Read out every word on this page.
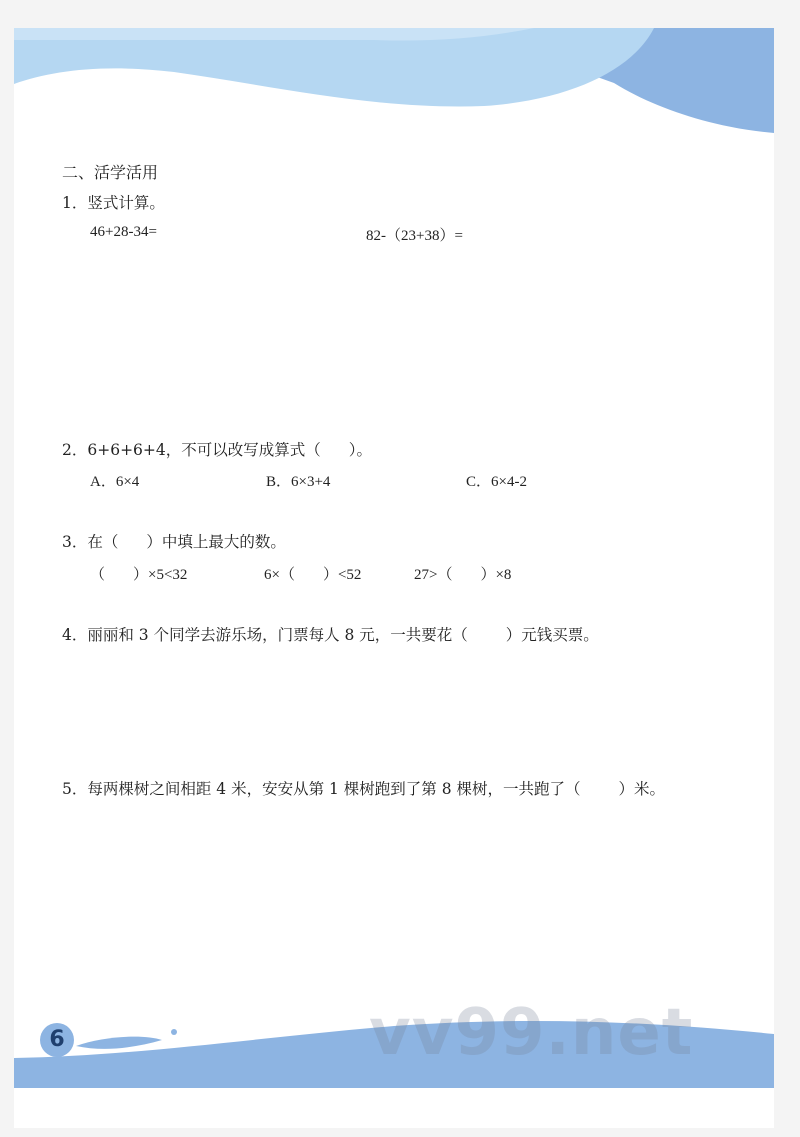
二、活学活用
1．竖式计算。
46+28-34=	82-（23+38）=
2．6+6+6+4，不可以改写成算式（ ）。
A．6×4	B．6×3+4	C．6×4-2
3．在（ ）中填上最大的数。
（ ）×5<32	6×（ ）<52	27>（ ）×8
4．丽丽和 3 个同学去游乐场，门票每人 8 元，一共要花（ ）元钱买票。
5．每两棵树之间相距 4 米，安安从第 1 棵树跑到了第 8 棵树，一共跑了（ ）米。
6	vv99.net
